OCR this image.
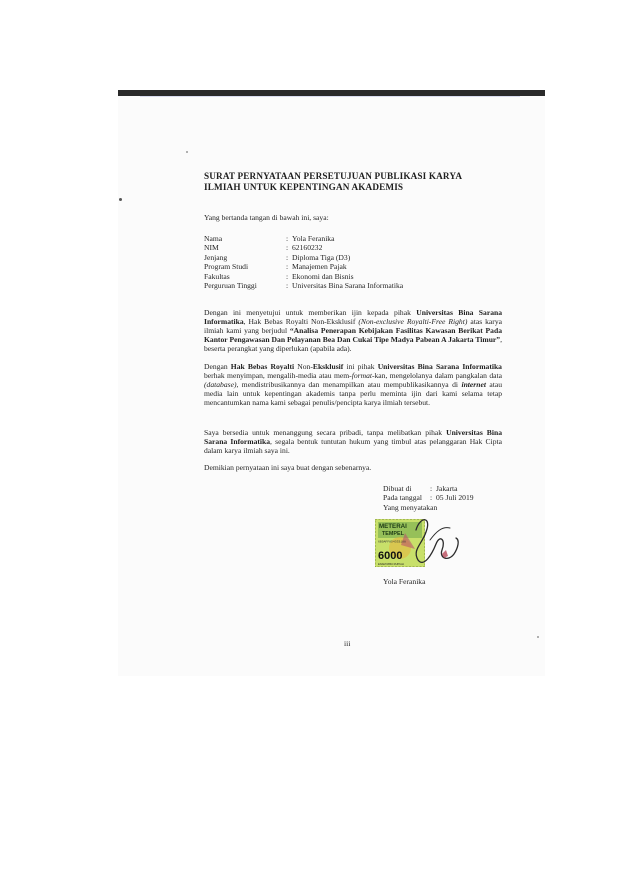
SURAT PERNYATAAN PERSETUJUAN PUBLIKASI KARYA
ILMIAH UNTUK KEPENTINGAN AKADEMIS
Yang bertanda tangan di bawah ini, saya:
Nama	: Yola Feranika
NIM	: 62160232
Jenjang	: Diploma Tiga (D3)
Program Studi	: Manajemen Pajak
Fakultas	: Ekonomi dan Bisnis
Perguruan Tinggi	: Universitas Bina Sarana Informatika

Dengan ini menyetujui untuk memberikan ijin kepada pihak Universitas Bina Sarana Informatika, Hak Bebas Royalti Non-Eksklusif (Non-exclusive Royalti-Free Right) atas karya ilmiah kami yang berjudul “Analisa Penerapan Kebijakan Fasilitas Kawasan Berikat Pada Kantor Pengawasan Dan Pelayanan Bea Dan Cukai Tipe Madya Pabean A Jakarta Timur”, beserta perangkat yang diperlukan (apabila ada).

Dengan Hak Bebas Royalti Non-Eksklusif ini pihak Universitas Bina Sarana Informatika berhak menyimpan, mengalih-media atau mem-format-kan, mengelolanya dalam pangkalan data (database), mendistribusikannya dan menampilkan atau mempublikasikannya di internet atau media lain untuk kepentingan akademis tanpa perlu meminta ijin dari kami selama tetap mencantumkan nama kami sebagai penulis/pencipta karya ilmiah tersebut.

Saya bersedia untuk menanggung secara pribadi, tanpa melibatkan pihak Universitas Bina Sarana Informatika, segala bentuk tuntutan hukum yang timbul atas pelanggaran Hak Cipta dalam karya ilmiah saya ini.

Demikian pernyataan ini saya buat dengan sebenarnya.
Dibuat di	: Jakarta
Pada tanggal	: 05 Juli 2019
Yang menyatakan
METERAI
TEMPEL
6B9AFF854333108
6000
ENAM RIBU RUPIAH
Yola Feranika
iii
